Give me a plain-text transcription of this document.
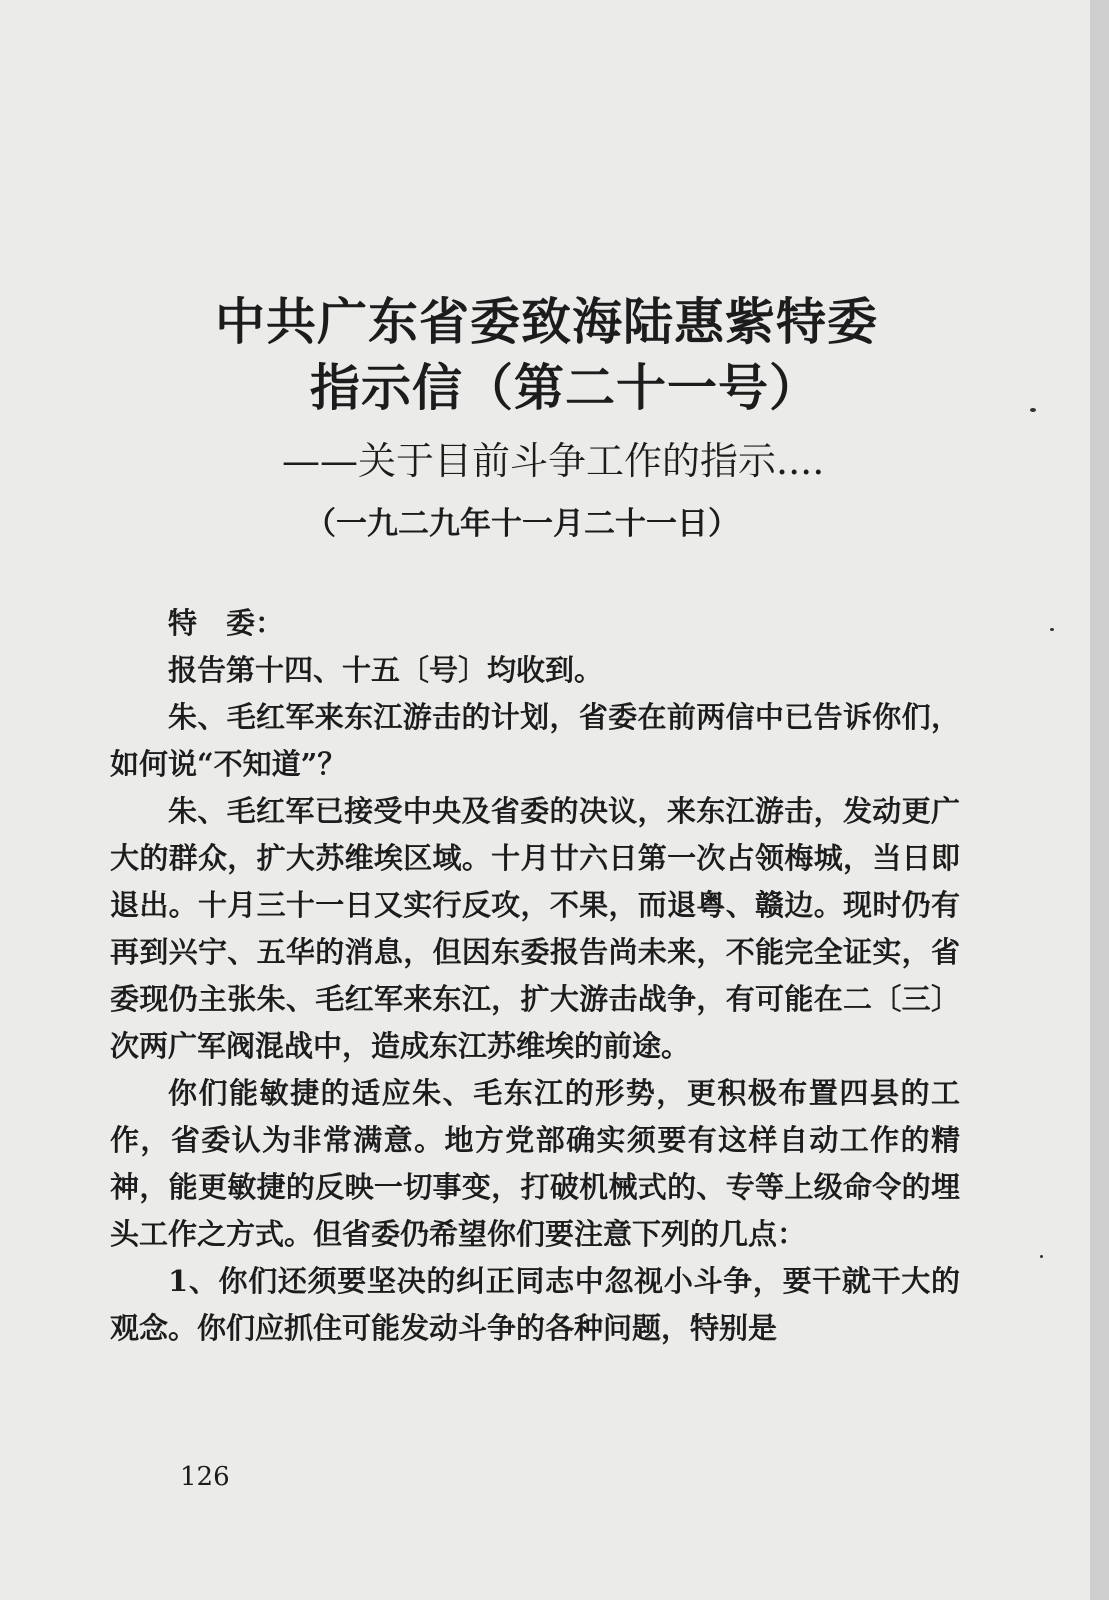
中共广东省委致海陆惠紫特委
指示信（第二十一号）
——关于目前斗争工作的指示....
（一九二九年十一月二十一日）

特　委：

报告第十四、十五〔号〕均收到。

朱、毛红军来东江游击的计划，省委在前两信中已告诉你们，如何说“不知道”？

朱、毛红军已接受中央及省委的决议，来东江游击，发动更广大的群众，扩大苏维埃区域。十月廿六日第一次占领梅城，当日即退出。十月三十一日又实行反攻，不果，而退粤、赣边。现时仍有再到兴宁、五华的消息，但因东委报告尚未来，不能完全证实，省委现仍主张朱、毛红军来东江，扩大游击战争，有可能在二〔三〕次两广军阀混战中，造成东江苏维埃的前途。

你们能敏捷的适应朱、毛东江的形势，更积极布置四县的工作，省委认为非常满意。地方党部确实须要有这样自动工作的精神，能更敏捷的反映一切事变，打破机械式的、专等上级命令的埋头工作之方式。但省委仍希望你们要注意下列的几点：

1、你们还须要坚决的纠正同志中忽视小斗争，要干就干大的观念。你们应抓住可能发动斗争的各种问题，特别是

126
